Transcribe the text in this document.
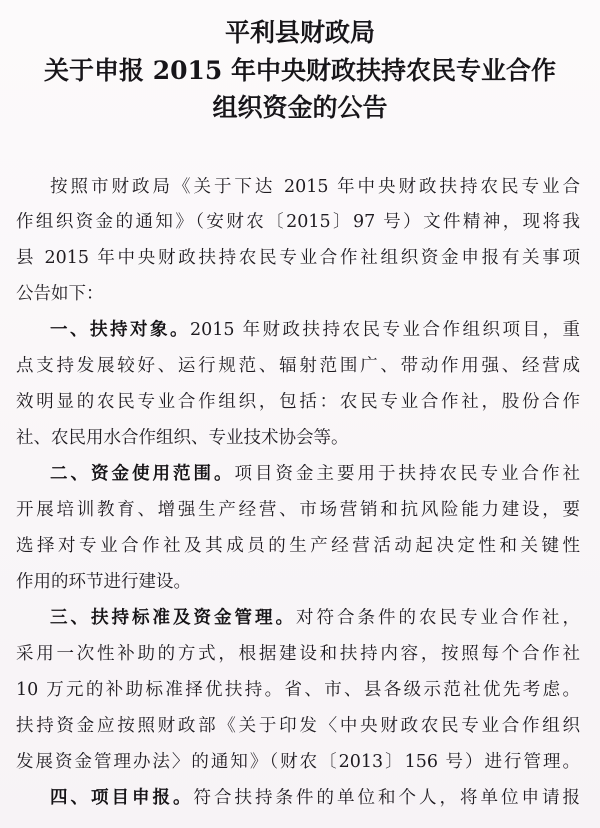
平利县财政局
关于申报 2015 年中央财政扶持农民专业合作
组织资金的公告
按照市财政局《关于下达 2015 年中央财政扶持农民专业合
作组织资金的通知》（安财农〔2015〕97 号）文件精神，现将我
县 2015 年中央财政扶持农民专业合作社组织资金申报有关事项
公告如下：
一、扶持对象。2015 年财政扶持农民专业合作组织项目，重
点支持发展较好、运行规范、辐射范围广、带动作用强、经营成
效明显的农民专业合作组织，包括：农民专业合作社，股份合作
社、农民用水合作组织、专业技术协会等。
二、资金使用范围。项目资金主要用于扶持农民专业合作社
开展培训教育、增强生产经营、市场营销和抗风险能力建设，要
选择对专业合作社及其成员的生产经营活动起决定性和关键性
作用的环节进行建设。
三、扶持标准及资金管理。对符合条件的农民专业合作社，
采用一次性补助的方式，根据建设和扶持内容，按照每个合作社
10 万元的补助标准择优扶持。省、市、县各级示范社优先考虑。
扶持资金应按照财政部《关于印发〈中央财政农民专业合作组织
发展资金管理办法〉的通知》（财农〔2013〕156 号）进行管理。
四、项目申报。符合扶持条件的单位和个人，将单位申请报
